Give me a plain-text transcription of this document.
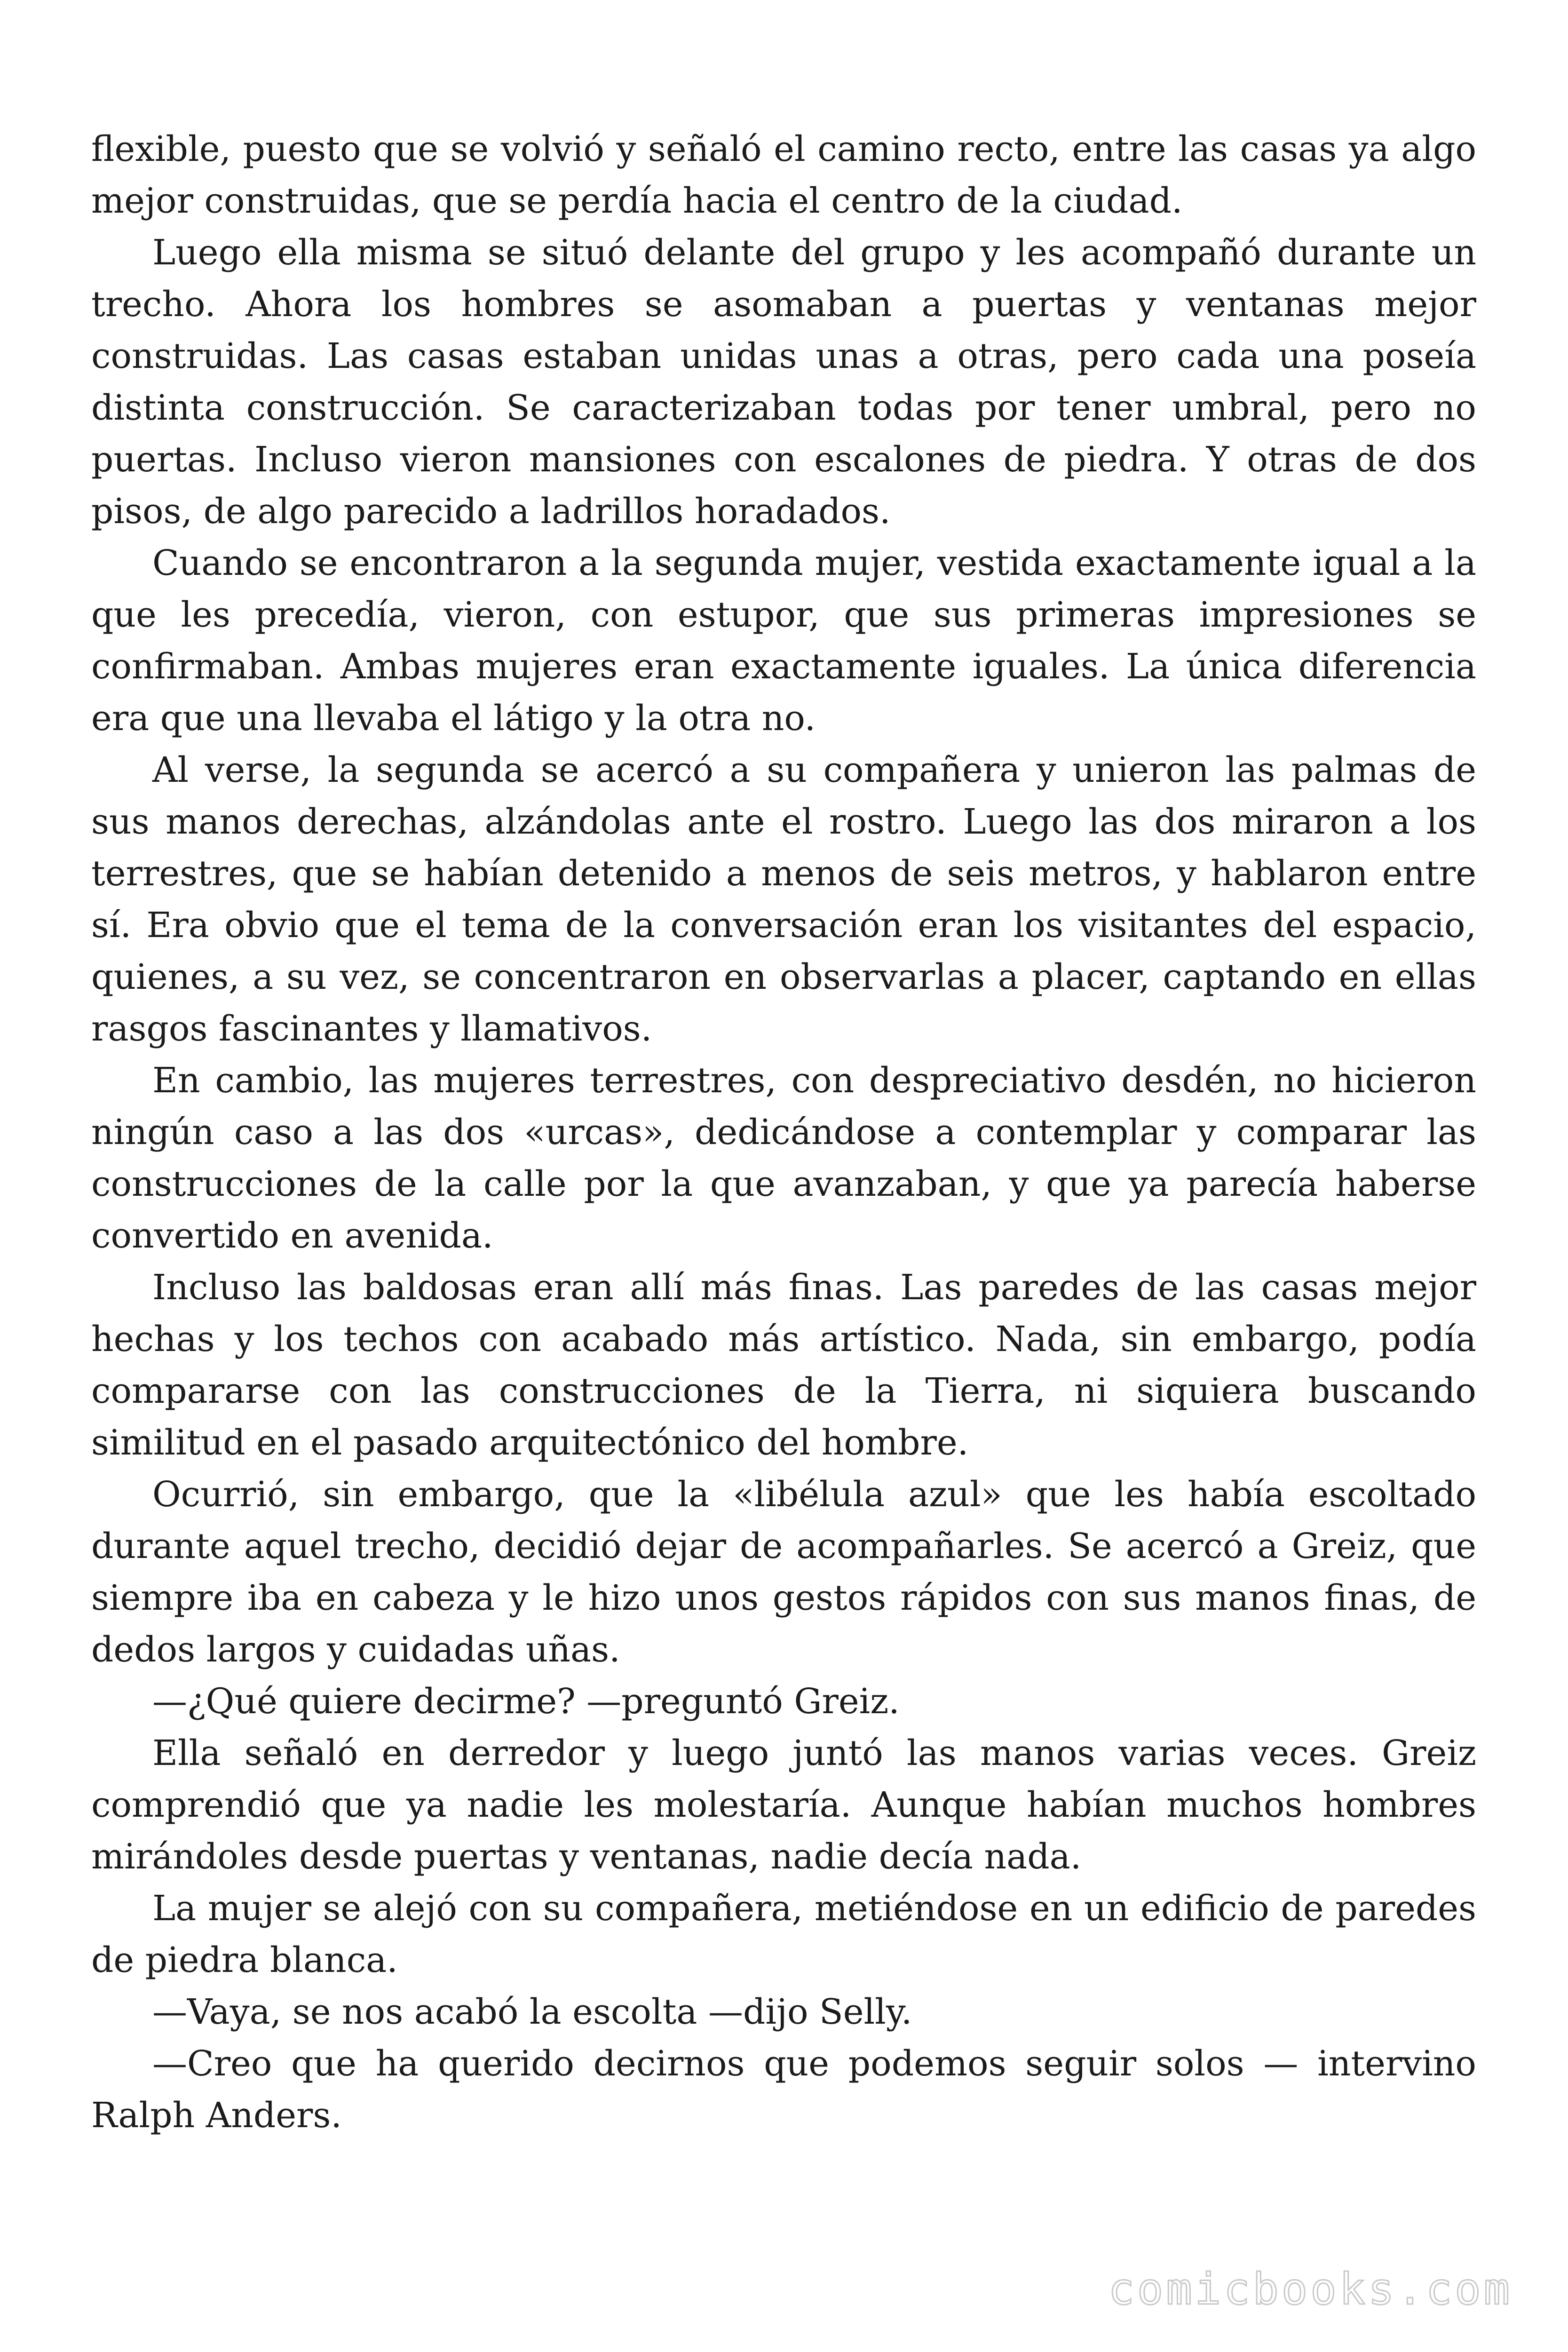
flexible, puesto que se volvió y señaló el camino recto, entre las casas ya algo mejor construidas, que se perdía hacia el centro de la ciudad.

Luego ella misma se situó delante del grupo y les acompañó durante un trecho. Ahora los hombres se asomaban a puertas y ventanas mejor construidas. Las casas estaban unidas unas a otras, pero cada una poseía distinta construcción. Se caracterizaban todas por tener umbral, pero no puertas. Incluso vieron mansiones con escalones de piedra. Y otras de dos pisos, de algo parecido a ladrillos horadados.

Cuando se encontraron a la segunda mujer, vestida exactamente igual a la que les precedía, vieron, con estupor, que sus primeras impresiones se confirmaban. Ambas mujeres eran exactamente iguales. La única diferencia era que una llevaba el látigo y la otra no.

Al verse, la segunda se acercó a su compañera y unieron las palmas de sus manos derechas, alzándolas ante el rostro. Luego las dos miraron a los terrestres, que se habían detenido a menos de seis metros, y hablaron entre sí. Era obvio que el tema de la conversación eran los visitantes del espacio, quienes, a su vez, se concentraron en observarlas a placer, captando en ellas rasgos fascinantes y llamativos.

En cambio, las mujeres terrestres, con despreciativo desdén, no hicieron ningún caso a las dos «urcas», dedicándose a contemplar y comparar las construcciones de la calle por la que avanzaban, y que ya parecía haberse convertido en avenida.

Incluso las baldosas eran allí más finas. Las paredes de las casas mejor hechas y los techos con acabado más artístico. Nada, sin embargo, podía compararse con las construcciones de la Tierra, ni siquiera buscando similitud en el pasado arquitectónico del hombre.

Ocurrió, sin embargo, que la «libélula azul» que les había escoltado durante aquel trecho, decidió dejar de acompañarles. Se acercó a Greiz, que siempre iba en cabeza y le hizo unos gestos rápidos con sus manos finas, de dedos largos y cuidadas uñas.

—¿Qué quiere decirme? —preguntó Greiz.

Ella señaló en derredor y luego juntó las manos varias veces. Greiz comprendió que ya nadie les molestaría. Aunque habían muchos hombres mirándoles desde puertas y ventanas, nadie decía nada.

La mujer se alejó con su compañera, metiéndose en un edificio de paredes de piedra blanca.

—Vaya, se nos acabó la escolta —dijo Selly.

—Creo que ha querido decirnos que podemos seguir solos — intervino Ralph Anders.

comicbooks.com
